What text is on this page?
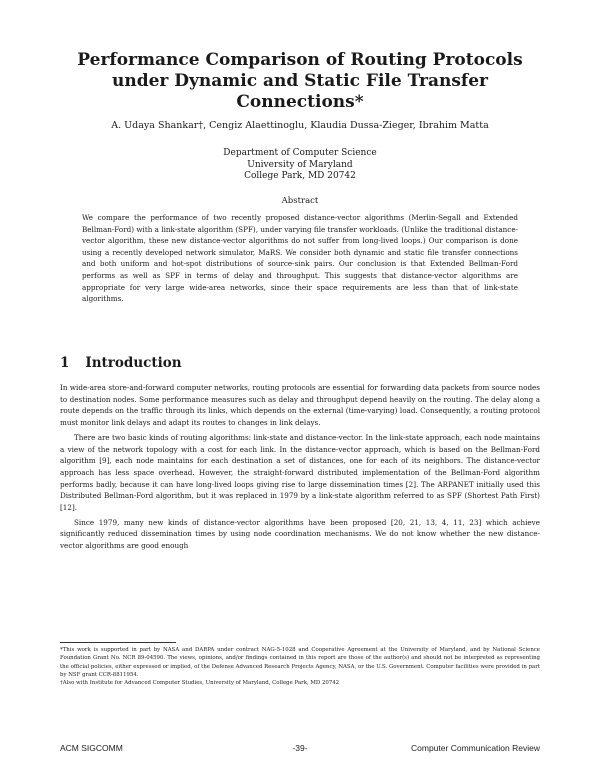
Performance Comparison of Routing Protocols
under Dynamic and Static File Transfer
Connections*
A. Udaya Shankar†, Cengiz Alaettinoglu, Klaudia Dussa-Zieger, Ibrahim Matta
Department of Computer Science
University of Maryland
College Park, MD 20742
Abstract
We compare the performance of two recently proposed distance-vector algorithms (Merlin-Segall and Extended Bellman-Ford) with a link-state algorithm (SPF), under varying file transfer workloads. (Unlike the traditional distance-vector algorithm, these new distance-vector algorithms do not suffer from long-lived loops.) Our comparison is done using a recently developed network simulator, MaRS. We consider both dynamic and static file transfer connections and both uniform and hot-spot distributions of source-sink pairs. Our conclusion is that Extended Bellman-Ford performs as well as SPF in terms of delay and throughput. This suggests that distance-vector algorithms are appropriate for very large wide-area networks, since their space requirements are less than that of link-state algorithms.
1 Introduction

In wide-area store-and-forward computer networks, routing protocols are essential for forwarding data packets from source nodes to destination nodes. Some performance measures such as delay and throughput depend heavily on the routing. The delay along a route depends on the traffic through its links, which depends on the external (time-varying) load. Consequently, a routing protocol must monitor link delays and adapt its routes to changes in link delays.

There are two basic kinds of routing algorithms: link-state and distance-vector. In the link-state approach, each node maintains a view of the network topology with a cost for each link. In the distance-vector approach, which is based on the Bellman-Ford algorithm [9], each node maintains for each destination a set of distances, one for each of its neighbors. The distance-vector approach has less space overhead. However, the straight-forward distributed implementation of the Bellman-Ford algorithm performs badly, because it can have long-lived loops giving rise to large dissemination times [2]. The ARPANET initially used this Distributed Bellman-Ford algorithm, but it was replaced in 1979 by a link-state algorithm referred to as SPF (Shortest Path First) [12].

Since 1979, many new kinds of distance-vector algorithms have been proposed [20, 21, 13, 4, 11, 23] which achieve significantly reduced dissemination times by using node coordination mechanisms. We do not know whether the new distance-vector algorithms are good enough

*This work is supported in part by NASA and DARPA under contract NAG-5-1028 and Cooperative Agreement at the University of Maryland, and by National Science Foundation Grant No. NCR 89-04590. The views, opinions, and/or findings contained in this report are those of the author(s) and should not be interpreted as representing the official policies, either expressed or implied, of the Defense Advanced Research Projects Agency, NASA, or the U.S. Government. Computer facilities were provided in part by NSF grant CCR-8811954.

†Also with Institute for Advanced Computer Studies, University of Maryland, College Park, MD 20742

ACM SIGCOMM	-39-	Computer Communication Review
